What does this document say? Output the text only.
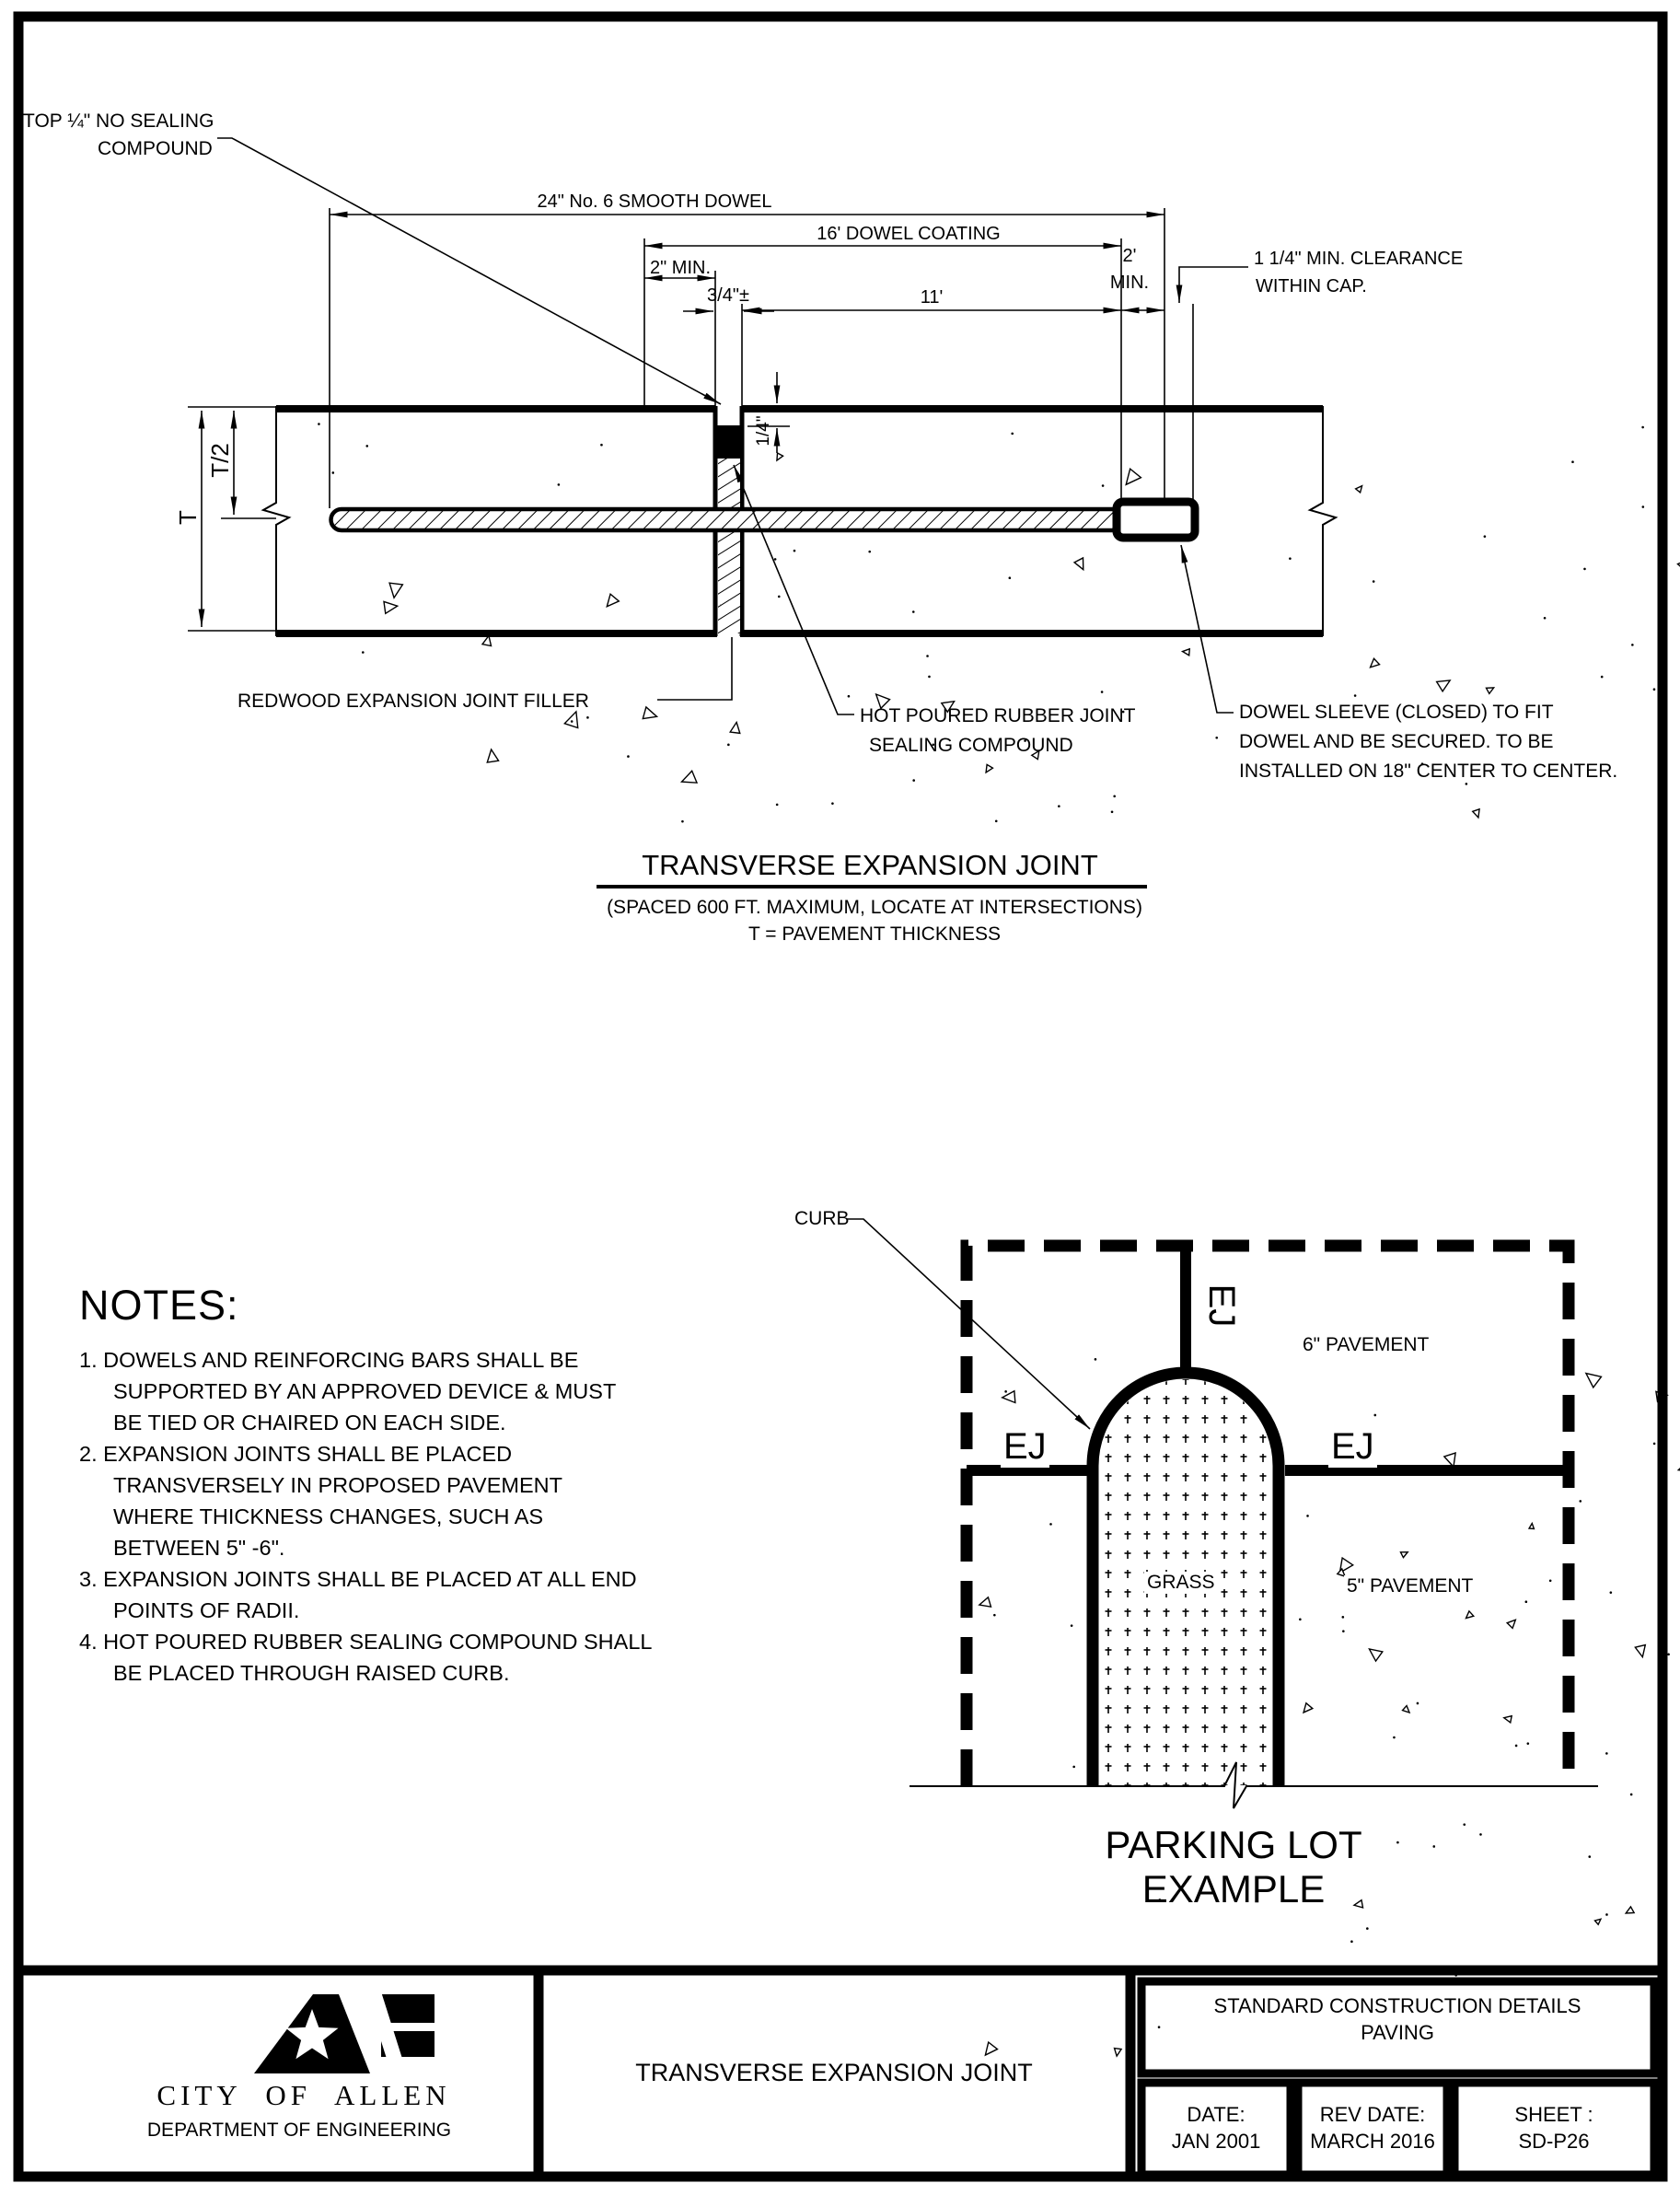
TOP ¼" NO SEALING
COMPOUND
24" No. 6 SMOOTH DOWEL
16' DOWEL COATING
2" MIN.
3/4"±	11'
2'
MIN.
1 1/4" MIN. CLEARANCE
WITHIN CAP.
1/4"
T
T/2
REDWOOD EXPANSION JOINT FILLER
HOT POURED RUBBER JOINT
SEALING COMPOUND
DOWEL SLEEVE (CLOSED) TO FIT
DOWEL AND BE SECURED. TO BE
INSTALLED ON 18" CENTER TO CENTER.
TRANSVERSE EXPANSION JOINT
(SPACED 600 FT. MAXIMUM, LOCATE AT INTERSECTIONS)
T = PAVEMENT THICKNESS
NOTES:
1. DOWELS AND REINFORCING BARS SHALL BE
SUPPORTED BY AN APPROVED DEVICE & MUST
BE TIED OR CHAIRED ON EACH SIDE.
2. EXPANSION JOINTS SHALL BE PLACED
TRANSVERSELY IN PROPOSED PAVEMENT
WHERE THICKNESS CHANGES, SUCH AS
BETWEEN 5" -6".
3. EXPANSION JOINTS SHALL BE PLACED AT ALL END
POINTS OF RADII.
4. HOT POURED RUBBER SEALING COMPOUND SHALL
BE PLACED THROUGH RAISED CURB.
CURB
EJ
EJ	EJ
6" PAVEMENT
5" PAVEMENT
GRASS
PARKING LOT
EXAMPLE
CITY OF ALLEN
DEPARTMENT OF ENGINEERING
TRANSVERSE EXPANSION JOINT
STANDARD CONSTRUCTION DETAILS
PAVING
DATE:
JAN 2001
REV DATE:
MARCH 2016
SHEET :
SD-P26
